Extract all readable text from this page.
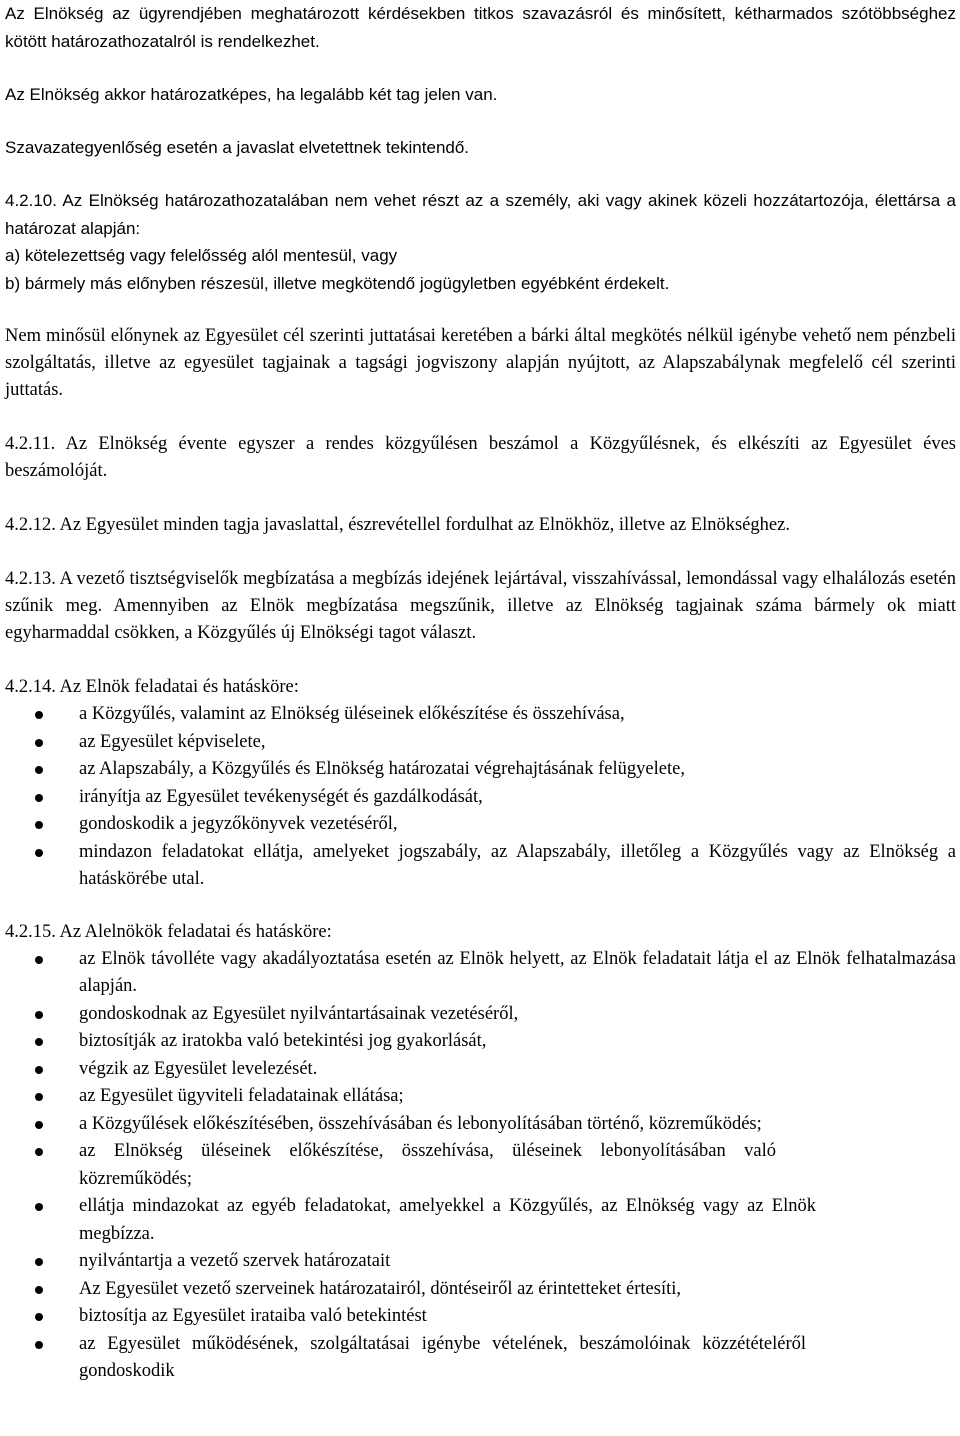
Az Elnökség az ügyrendjében meghatározott kérdésekben titkos szavazásról és minősített, kétharmados szótöbbséghez kötött határozathozatalról is rendelkezhet.

Az Elnökség akkor határozatképes, ha legalább két tag jelen van.

Szavazategyenlőség esetén a javaslat elvetettnek tekintendő.

4.2.10. Az Elnökség határozathozatalában nem vehet részt az a személy, aki vagy akinek közeli hozzátartozója, élettársa a határozat alapján:

a) kötelezettség vagy felelősség alól mentesül, vagy

b) bármely más előnyben részesül, illetve megkötendő jogügyletben egyébként érdekelt.

Nem minősül előnynek az Egyesület cél szerinti juttatásai keretében a bárki által megkötés nélkül igénybe vehető nem pénzbeli szolgáltatás, illetve az egyesület tagjainak a tagsági jogviszony alapján nyújtott, az Alapszabálynak megfelelő cél szerinti juttatás.

4.2.11. Az Elnökség évente egyszer a rendes közgyűlésen beszámol a Közgyűlésnek, és elkészíti az Egyesület éves beszámolóját.

4.2.12. Az Egyesület minden tagja javaslattal, észrevétellel fordulhat az Elnökhöz, illetve az Elnökséghez.

4.2.13. A vezető tisztségviselők megbízatása a megbízás idejének lejártával, visszahívással, lemondással vagy elhalálozás esetén szűnik meg. Amennyiben az Elnök megbízatása megszűnik, illetve az Elnökség tagjainak száma bármely ok miatt egyharmaddal csökken, a Közgyűlés új Elnökségi tagot választ.

4.2.14. Az Elnök feladatai és hatásköre:

a Közgyűlés, valamint az Elnökség üléseinek előkészítése és összehívása,
az Egyesület képviselete,
az Alapszabály, a Közgyűlés és Elnökség határozatai végrehajtásának felügyelete,
irányítja az Egyesület tevékenységét és gazdálkodását,
gondoskodik a jegyzőkönyvek vezetéséről,
mindazon feladatokat ellátja, amelyeket jogszabály, az Alapszabály, illetőleg a Közgyűlés vagy az Elnökség a hatáskörébe utal.

4.2.15. Az Alelnökök feladatai és hatásköre:

az Elnök távolléte vagy akadályoztatása esetén az Elnök helyett, az Elnök feladatait látja el az Elnök felhatalmazása alapján.
gondoskodnak az Egyesület nyilvántartásainak vezetéséről,
biztosítják az iratokba való betekintési jog gyakorlását,
végzik az Egyesület levelezését.
az Egyesület ügyviteli feladatainak ellátása;
a Közgyűlések előkészítésében, összehívásában és lebonyolításában történő, közreműködés;
az Elnökség üléseinek előkészítése, összehívása, üléseinek lebonyolításában való közreműködés;
ellátja mindazokat az egyéb feladatokat, amelyekkel a Közgyűlés, az Elnökség vagy az Elnök megbízza.
nyilvántartja a vezető szervek határozatait
Az Egyesület vezető szerveinek határozatairól, döntéseiről az érintetteket értesíti,
biztosítja az Egyesület irataiba való betekintést
az Egyesület működésének, szolgáltatásai igénybe vételének, beszámolóinak közzétételéről gondoskodik
